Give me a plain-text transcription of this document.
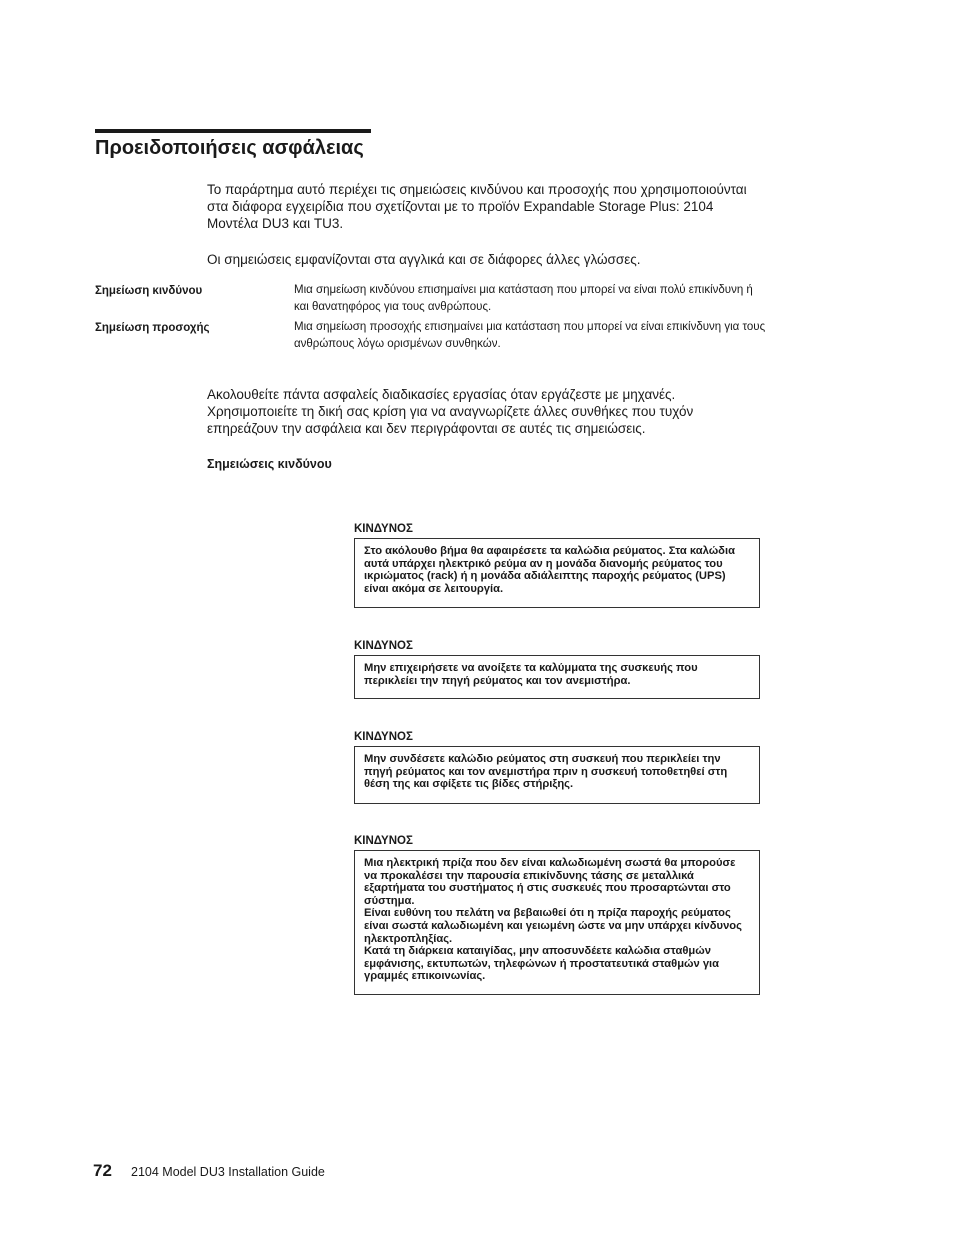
Προειδοποιήσεις ασφάλειας

Το παράρτημα αυτό περιέχει τις σημειώσεις κινδύνου και προσοχής που χρησιμοποιούνται στα διάφορα εγχειρίδια που σχετίζονται με το προϊόν Expandable Storage Plus: 2104 Μοντέλα DU3 και TU3.

Οι σημειώσεις εμφανίζονται στα αγγλικά και σε διάφορες άλλες γλώσσες.

Σημείωση κινδύνου	Μια σημείωση κινδύνου επισημαίνει μια κατάσταση που μπορεί να είναι πολύ επικίνδυνη ή και θανατηφόρος για τους ανθρώπους.

Σημείωση προσοχής	Μια σημείωση προσοχής επισημαίνει μια κατάσταση που μπορεί να είναι επικίνδυνη για τους ανθρώπους λόγω ορισμένων συνθηκών.

Ακολουθείτε πάντα ασφαλείς διαδικασίες εργασίας όταν εργάζεστε με μηχανές. Χρησιμοποιείτε τη δική σας κρίση για να αναγνωρίζετε άλλες συνθήκες που τυχόν επηρεάζουν την ασφάλεια και δεν περιγράφονται σε αυτές τις σημειώσεις.

Σημειώσεις κινδύνου

ΚΙΝΔΥΝΟΣ

Στο ακόλουθο βήμα θα αφαιρέσετε τα καλώδια ρεύματος. Στα καλώδια αυτά υπάρχει ηλεκτρικό ρεύμα αν η μονάδα διανομής ρεύματος του ικριώματος (rack) ή η μονάδα αδιάλειπτης παροχής ρεύματος (UPS) είναι ακόμα σε λειτουργία.

ΚΙΝΔΥΝΟΣ

Μην επιχειρήσετε να ανοίξετε τα καλύμματα της συσκευής που περικλείει την πηγή ρεύματος και τον ανεμιστήρα.

ΚΙΝΔΥΝΟΣ

Μην συνδέσετε καλώδιο ρεύματος στη συσκευή που περικλείει την πηγή ρεύματος και τον ανεμιστήρα πριν η συσκευή τοποθετηθεί στη θέση της και σφίξετε τις βίδες στήριξης.

ΚΙΝΔΥΝΟΣ

Μια ηλεκτρική πρίζα που δεν είναι καλωδιωμένη σωστά θα μπορούσε να προκαλέσει την παρουσία επικίνδυνης τάσης σε μεταλλικά εξαρτήματα του συστήματος ή στις συσκευές που προσαρτώνται στο σύστημα.

Είναι ευθύνη του πελάτη να βεβαιωθεί ότι η πρίζα παροχής ρεύματος είναι σωστά καλωδιωμένη και γειωμένη ώστε να μην υπάρχει κίνδυνος ηλεκτροπληξίας.

Κατά τη διάρκεια καταιγίδας, μην αποσυνδέετε καλώδια σταθμών εμφάνισης, εκτυπωτών, τηλεφώνων ή προστατευτικά σταθμών για γραμμές επικοινωνίας.

72 2104 Model DU3 Installation Guide
